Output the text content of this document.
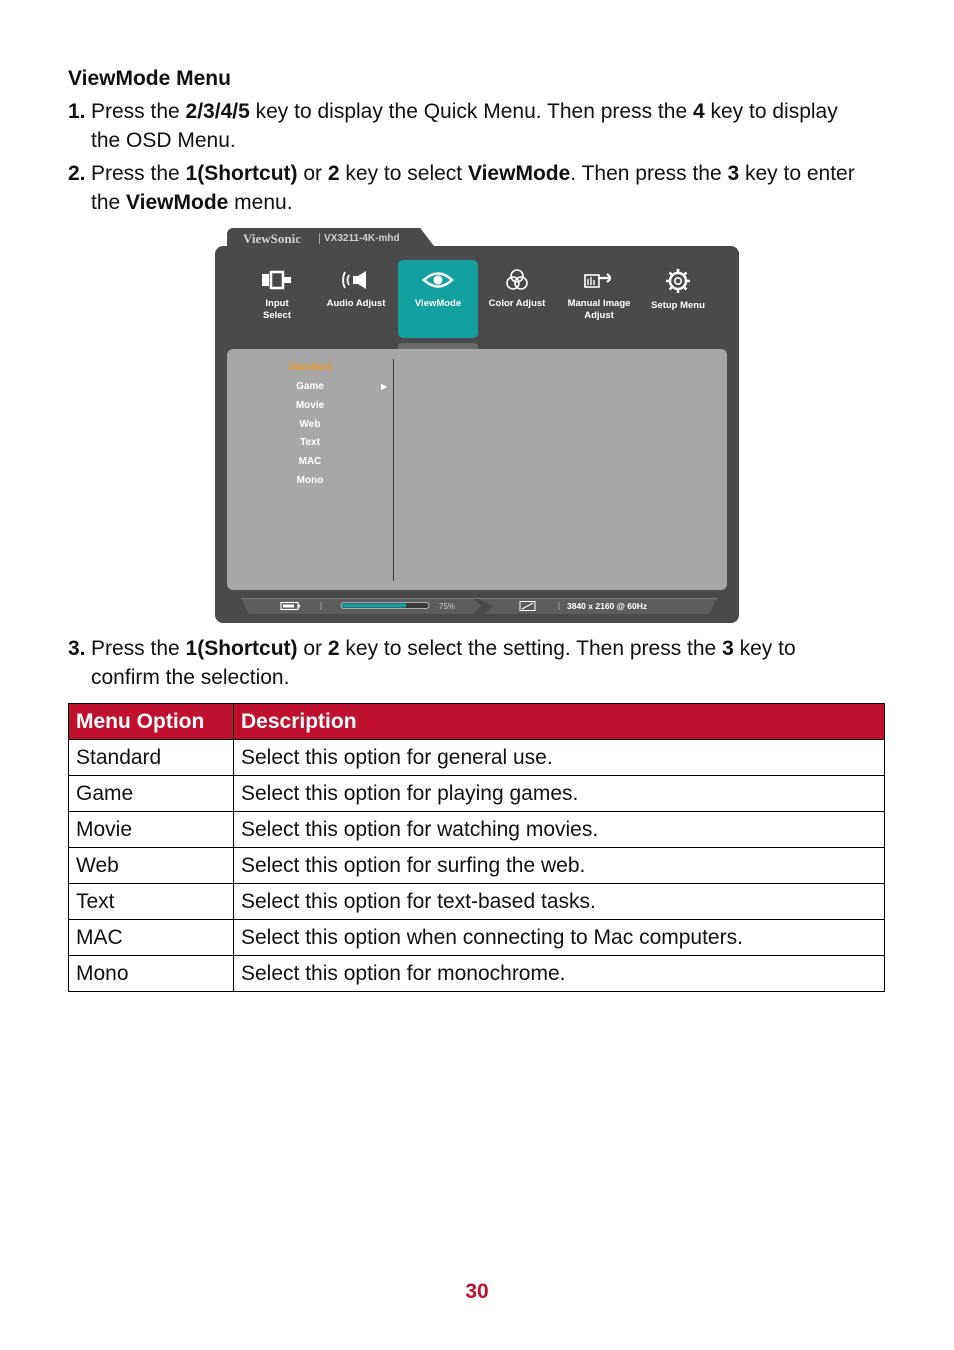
ViewMode Menu
1. Press the 2/3/4/5 key to display the Quick Menu. Then press the 4 key to display
the OSD Menu.
2. Press the 1(Shortcut) or 2 key to select ViewMode. Then press the 3 key to enter
the ViewMode menu.
3. Press the 1(Shortcut) or 2 key to select the setting. Then press the 3 key to
confirm the selection.
ViewSonic	VX3211-4K-mhd
Input Select
Audio Adjust	ViewMode	Color Adjust	Manual Image Adjust
Setup Menu
Standard
Game	▶
Movie
Web
Text
MAC
Mono
75%	3840 x 2160 @ 60Hz
Menu Option	Description
Standard	Select this option for general use.
Game	Select this option for playing games.
Movie	Select this option for watching movies.
Web	Select this option for surfing the web.
Text	Select this option for text-based tasks.
MAC	Select this option when connecting to Mac computers.
Mono	Select this option for monochrome.
30
